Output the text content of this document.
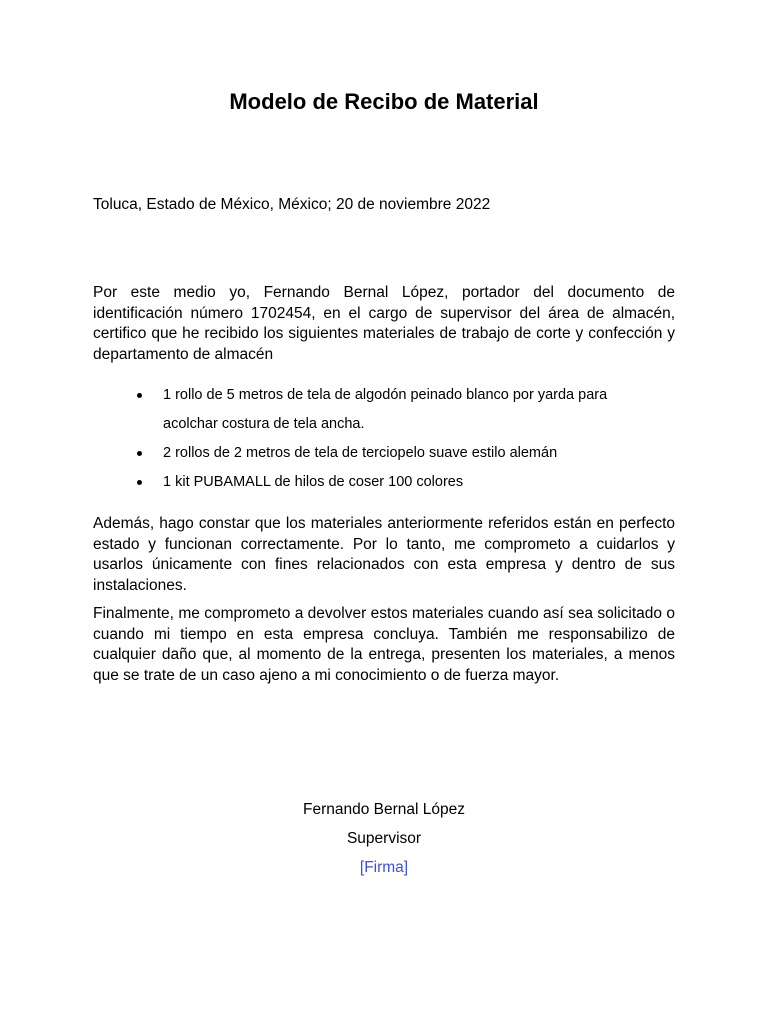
Modelo de Recibo de Material

Toluca, Estado de México, México; 20 de noviembre 2022

Por este medio yo, Fernando Bernal López, portador del documento de identificación número 1702454, en el cargo de supervisor del área de almacén, certifico que he recibido los siguientes materiales de trabajo de corte y confección y departamento de almacén

1 rollo de 5 metros de tela de algodón peinado blanco por yarda para
acolchar costura de tela ancha.
2 rollos de 2 metros de tela de terciopelo suave estilo alemán
1 kit PUBAMALL de hilos de coser 100 colores

Además, hago constar que los materiales anteriormente referidos están en perfecto estado y funcionan correctamente. Por lo tanto, me comprometo a cuidarlos y usarlos únicamente con fines relacionados con esta empresa y dentro de sus instalaciones.

Finalmente, me comprometo a devolver estos materiales cuando así sea solicitado o cuando mi tiempo en esta empresa concluya. También me responsabilizo de cualquier daño que, al momento de la entrega, presenten los materiales, a menos que se trate de un caso ajeno a mi conocimiento o de fuerza mayor.

Fernando Bernal López
Supervisor
[Firma]
